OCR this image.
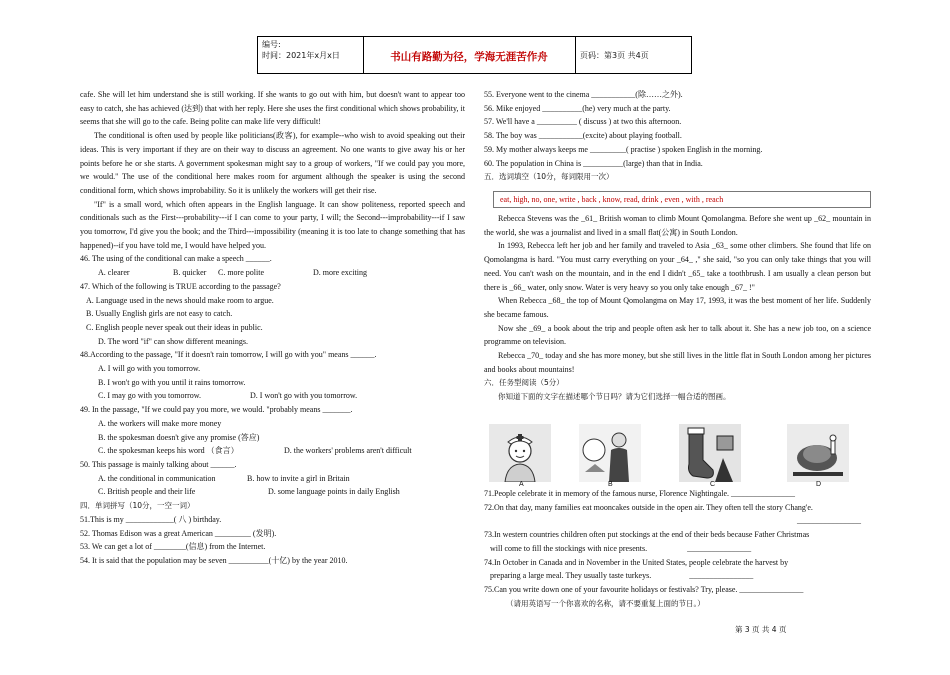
编号:
时间：2021年x月x日	书山有路勤为径，学海无涯苦作舟	页码：第3页 共4页

cafe. She will let him understand she is still working. If she wants to go out with him, but doesn't want to appear too easy to catch, she has achieved (达到) that with her reply. Here she uses the first conditional which shows probability, it seems that she will go to the cafe. Being polite can make life very difficult!

The conditional is often used by people like politicians(政客), for example--who wish to avoid speaking out their ideas. This is very important if they are on their way to discuss an agreement. No one wants to give away his or her points before he or she starts. A government spokesman might say to a group of workers, "If we could pay you more, we would." The use of the conditional here makes room for argument although the speaker is using the second conditional form, which shows improbability. So it is unlikely the workers will get their rise.

"If" is a small word, which often appears in the English language. It can show politeness, reported speech and conditionals such as the First---probability---if I can come to your party, I will; the Second---improbability---if I saw you tomorrow, I'd give you the book; and the Third---impossibility (meaning it is too late to change something that has happened)--if you have told me, I would have helped you.

46. The using of the conditional can make a speech ______.

A. clearer	B. quicker	C. more polite	D. more exciting

47. Which of the following is TRUE according to the passage?

A. Language used in the news should make room to argue.

B. Usually English girls are not easy to catch.

C. English people never speak out their ideas in public.

D. The word "if" can show different meanings.

48.According to the passage, "If it doesn't rain tomorrow, I will go with you" means ______.

A. I will go with you tomorrow.

B. I won't go with you until it rains tomorrow.

C. I may go with you tomorrow.	D. I won't go with you tomorrow.

49. In the passage, "If we could pay you more, we would. "probably means _______.

A. the workers will make more money

B. the spokesman doesn't give any promise (答应)

C. the spokesman keeps his word （食言）	D. the workers' problems aren't difficult

50. This passage is mainly talking about ______.

A. the conditional in communication	B. how to invite a girl in Britain
C. British people and their life	D. some language points in daily English

四．单词拼写（10分，一空一词）

51.This is my ____________( 八 ) birthday.

52. Thomas Edison was a great American _________ (发明).

53. We can get a lot of ________(信息) from the Internet.

54. It is said that the population may be seven __________(十亿) by the year 2010.

55. Everyone went to the cinema ___________(除……之外).

56. Mike enjoyed __________(he) very much at the party.

57. We'll have a __________ ( discuss ) at two this afternoon.

58. The boy was ___________(excite) about playing football.

59. My mother always keeps me _________( practise ) spoken English in the morning.

60. The population in China is __________(large) than that in India.

五．选词填空（10分，每词限用一次）

eat, high, no, one, write , back , know, read, drink , even , with , reach

Rebecca Stevens was the _61_ British woman to climb Mount Qomolangma. Before she went up _62_ mountain in the world, she was a journalist and lived in a small flat(公寓) in South London.

In 1993, Rebecca left her job and her family and traveled to Asia _63_ some other climbers. She found that life on Qomolangma is hard. "You must carry everything on your _64_ ," she said, "so you can only take things that you will need. You can't wash on the mountain, and in the end I didn't _65_ take a toothbrush. I am usually a clean person but there is _66_ water, only snow. Water is very heavy so you only take enough _67_ !"

When Rebecca _68_ the top of Mount Qomolangma on May 17, 1993, it was the best moment of her life. Suddenly she became famous.

Now she _69_ a book about the trip and people often ask her to talk about it. She has a new job too, on a science programme on television.

Rebecca _70_ today and she has more money, but she still lives in the little flat in South London among her pictures and books about mountains!

六．任务型阅读（5分）

你知道下面的文字在描述哪个节日吗？请为它们选择一幅合适的图画。

A	B	C	D

71.People celebrate it in memory of the famous nurse, Florence Nightingale. ________________

72.On that day, many families eat mooncakes outside in the open air. They often tell the story Chang'e.

________________

73.In western countries children often put stockings at the end of their beds because Father Christmas

will come to fill the stockings with nice presents.	________________

74.In October in Canada and in November in the United States, people celebrate the harvest by

preparing a large meal. They usually taste turkeys.	________________

75.Can you write down one of your favourite holidays or festivals? Try, please. ________________

（请用英语写一个你喜欢的名称，请不要重复上面的节日。）

第 3 页 共 4 页
